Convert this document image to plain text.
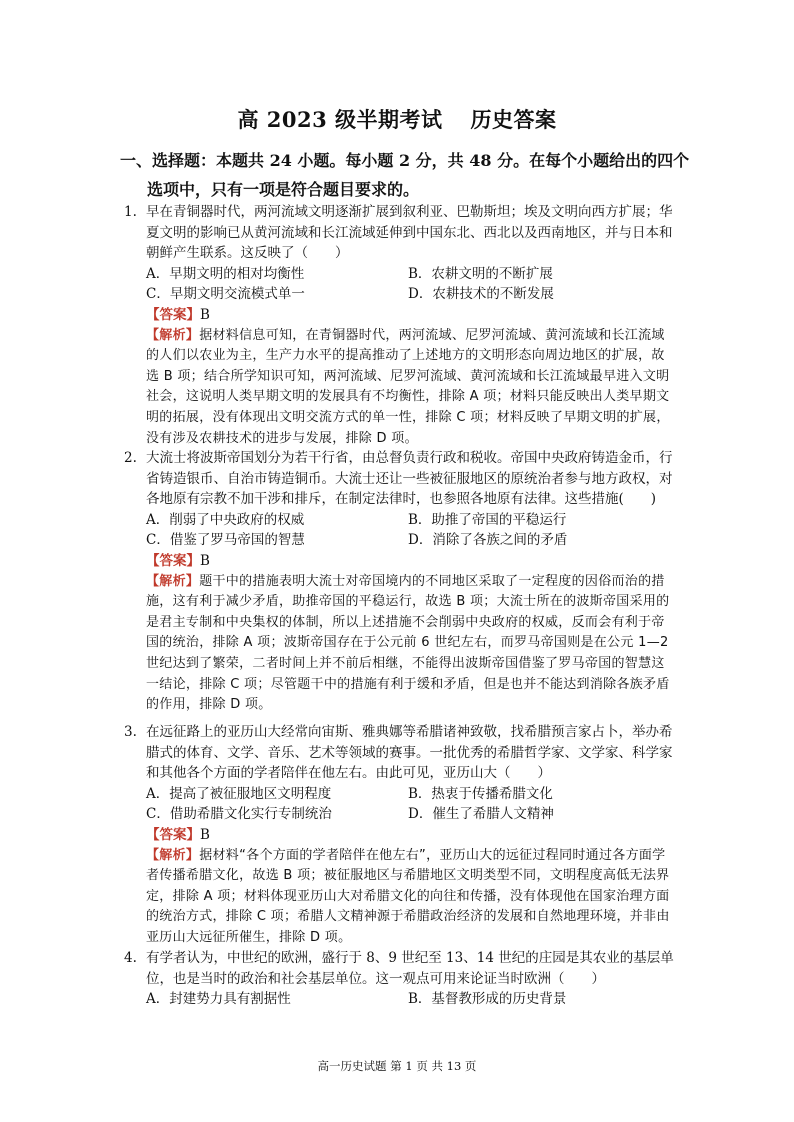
高 2023 级半期考试 历史答案
一、选择题：本题共 24 小题。每小题 2 分，共 48 分。在每个小题给出的四个
选项中，只有一项是符合题目要求的。
1. 早在青铜器时代，两河流域文明逐渐扩展到叙利亚、巴勒斯坦；埃及文明向西方扩展；华夏文明的影响已从黄河流域和长江流域延伸到中国东北、西北以及西南地区，并与日本和朝鲜产生联系。这反映了（　　）

A．早期文明的相对均衡性	B．农耕文明的不断扩展
C．早期文明交流模式单一	D．农耕技术的不断发展

【答案】B

【解析】据材料信息可知，在青铜器时代，两河流域、尼罗河流域、黄河流域和长江流域的人们以农业为主，生产力水平的提高推动了上述地方的文明形态向周边地区的扩展，故选 B 项；结合所学知识可知，两河流域、尼罗河流域、黄河流域和长江流域最早进入文明社会，这说明人类早期文明的发展具有不均衡性，排除 A 项；材料只能反映出人类早期文明的拓展，没有体现出文明交流方式的单一性，排除 C 项；材料反映了早期文明的扩展，没有涉及农耕技术的进步与发展，排除 D 项。

2. 大流士将波斯帝国划分为若干行省，由总督负责行政和税收。帝国中央政府铸造金币，行省铸造银币、自治市铸造铜币。大流士还让一些被征服地区的原统治者参与地方政权，对各地原有宗教不加干涉和排斥，在制定法律时，也参照各地原有法律。这些措施(　　)

A．削弱了中央政府的权威	B．助推了帝国的平稳运行
C．借鉴了罗马帝国的智慧	D．消除了各族之间的矛盾

【答案】B

【解析】题干中的措施表明大流士对帝国境内的不同地区采取了一定程度的因俗而治的措施，这有利于减少矛盾，助推帝国的平稳运行，故选 B 项；大流士所在的波斯帝国采用的是君主专制和中央集权的体制，所以上述措施不会削弱中央政府的权威，反而会有利于帝国的统治，排除 A 项；波斯帝国存在于公元前 6 世纪左右，而罗马帝国则是在公元 1—2 世纪达到了繁荣，二者时间上并不前后相继，不能得出波斯帝国借鉴了罗马帝国的智慧这一结论，排除 C 项；尽管题干中的措施有利于缓和矛盾，但是也并不能达到消除各族矛盾的作用，排除 D 项。

3. 在远征路上的亚历山大经常向宙斯、雅典娜等希腊诸神致敬，找希腊预言家占卜，举办希腊式的体育、文学、音乐、艺术等领域的赛事。一批优秀的希腊哲学家、文学家、科学家和其他各个方面的学者陪伴在他左右。由此可见，亚历山大（　　）

A．提高了被征服地区文明程度	B．热衷于传播希腊文化
C．借助希腊文化实行专制统治	D．催生了希腊人文精神

【答案】B

【解析】据材料“各个方面的学者陪伴在他左右”，亚历山大的远征过程同时通过各方面学者传播希腊文化，故选 B 项；被征服地区与希腊地区文明类型不同，文明程度高低无法界定，排除 A 项；材料体现亚历山大对希腊文化的向往和传播，没有体现他在国家治理方面的统治方式，排除 C 项；希腊人文精神源于希腊政治经济的发展和自然地理环境，并非由亚历山大远征所催生，排除 D 项。

4. 有学者认为，中世纪的欧洲，盛行于 8、9 世纪至 13、14 世纪的庄园是其农业的基层单位，也是当时的政治和社会基层单位。这一观点可用来论证当时欧洲（　　）

A．封建势力具有割据性	B．基督教形成的历史背景
高一历史试题 第 1 页 共 13 页
